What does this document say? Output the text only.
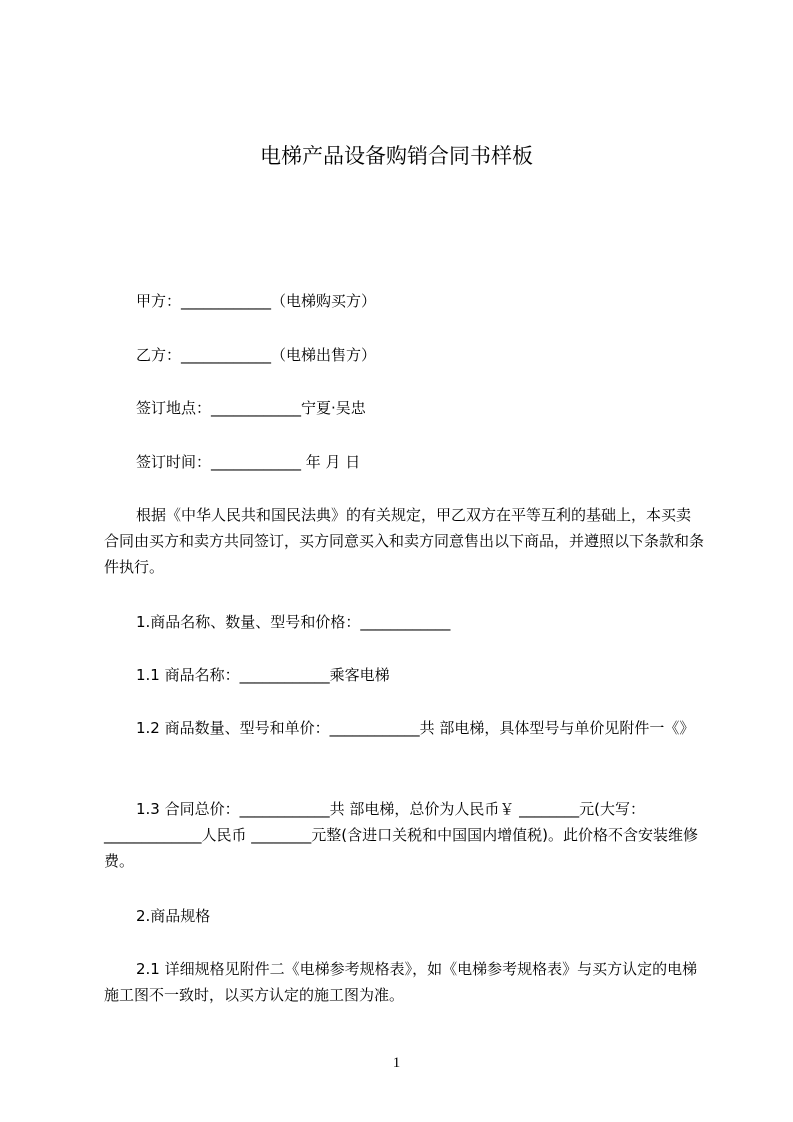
电梯产品设备购销合同书样板
甲方：____________（电梯购买方）
乙方：____________（电梯出售方）
签订地点：____________宁夏·吴忠
签订时间：____________ 年 月 日
根据《中华人民共和国民法典》的有关规定，甲乙双方在平等互利的基础上，本买卖合同由买方和卖方共同签订，买方同意买入和卖方同意售出以下商品，并遵照以下条款和条件执行。
1.商品名称、数量、型号和价格：____________
1.1 商品名称：____________乘客电梯
1.2 商品数量、型号和单价：____________共 部电梯，具体型号与单价见附件一《》
1.3 合同总价：____________共 部电梯，总价为人民币￥ ________元(大写：_____________人民币 ________元整(含进口关税和中国国内增值税)。此价格不含安装维修费。
2.商品规格
2.1 详细规格见附件二《电梯参考规格表》，如《电梯参考规格表》与买方认定的电梯施工图不一致时，以买方认定的施工图为准。
1
